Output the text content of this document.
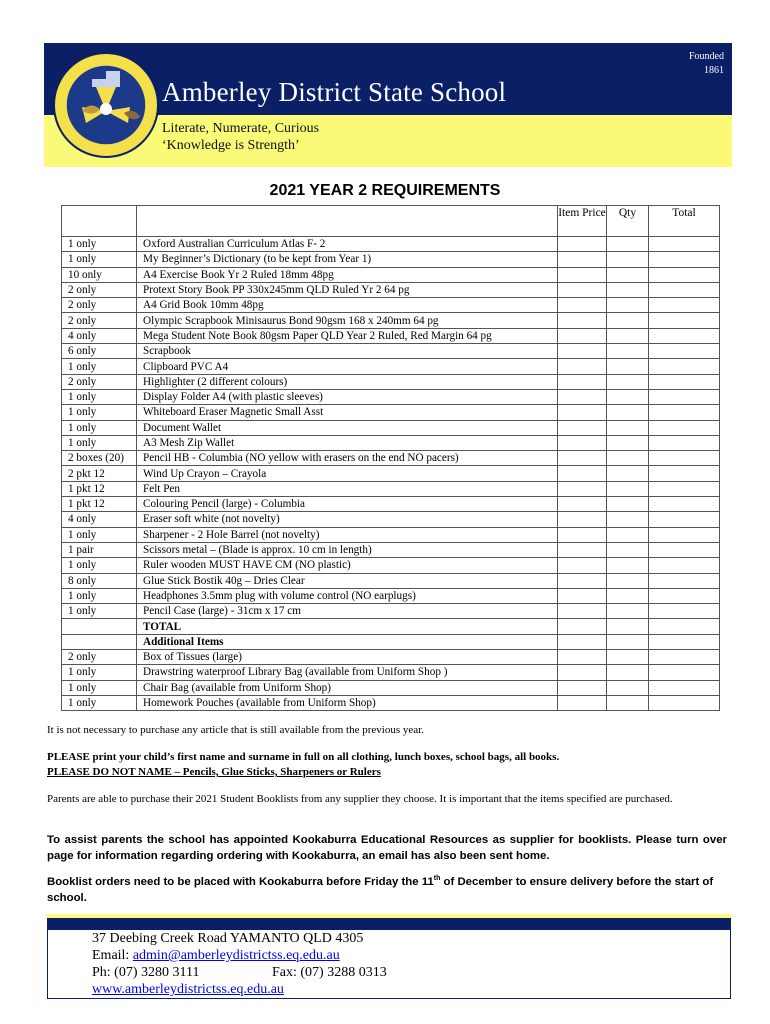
Founded
1861
Amberley District State School
Literate, Numerate, Curious
‘Knowledge is Strength’
2021 YEAR 2 REQUIREMENTS
		Item Price	Qty	Total
1 only	Oxford Australian Curriculum Atlas F- 2			
1 only	My Beginner’s Dictionary (to be kept from Year 1)			
10 only	A4 Exercise Book Yr 2 Ruled 18mm 48pg			
2 only	Protext Story Book PP 330x245mm QLD Ruled Yr 2 64 pg			
2 only	A4 Grid Book 10mm 48pg			
2 only	Olympic Scrapbook Minisaurus Bond 90gsm 168 x 240mm 64 pg			
4 only	Mega Student Note Book 80gsm Paper QLD Year 2 Ruled, Red Margin 64 pg			
6 only	Scrapbook			
1 only	Clipboard PVC A4			
2 only	Highlighter (2 different colours)			
1 only	Display Folder A4 (with plastic sleeves)			
1 only	Whiteboard Eraser Magnetic Small Asst			
1 only	Document Wallet			
1 only	A3 Mesh Zip Wallet			
2 boxes (20)	Pencil HB - Columbia (NO yellow with erasers on the end NO pacers)			
2 pkt 12	Wind Up Crayon – Crayola			
1 pkt 12	Felt Pen			
1 pkt 12	Colouring Pencil (large) - Columbia			
4 only	Eraser soft white (not novelty)			
1 only	Sharpener - 2 Hole Barrel (not novelty)			
1 pair	Scissors metal – (Blade is approx. 10 cm in length)			
1 only	Ruler wooden MUST HAVE CM (NO plastic)			
8 only	Glue Stick Bostik 40g – Dries Clear			
1 only	Headphones 3.5mm plug with volume control (NO earplugs)			
1 only	Pencil Case (large) - 31cm x 17 cm			
	TOTAL			
	Additional Items			
2 only	Box of Tissues (large)			
1 only	Drawstring waterproof Library Bag (available from Uniform Shop )			
1 only	Chair Bag (available from Uniform Shop)			
1 only	Homework Pouches (available from Uniform Shop)			
It is not necessary to purchase any article that is still available from the previous year.
PLEASE print your child’s first name and surname in full on all clothing, lunch boxes, school bags, all books.
PLEASE DO NOT NAME – Pencils, Glue Sticks, Sharpeners or Rulers
Parents are able to purchase their 2021 Student Booklists from any supplier they choose. It is important that the items specified are purchased.
To assist parents the school has appointed Kookaburra Educational Resources as supplier for booklists. Please turn over page for information regarding ordering with Kookaburra, an email has also been sent home.
Booklist orders need to be placed with Kookaburra before Friday the 11th of December to ensure delivery before the start of school.
37 Deebing Creek Road YAMANTO QLD 4305
Email: admin@amberleydistrictss.eq.edu.au
Ph: (07) 3280 3111	Fax: (07) 3288 0313
www.amberleydistrictss.eq.edu.au
